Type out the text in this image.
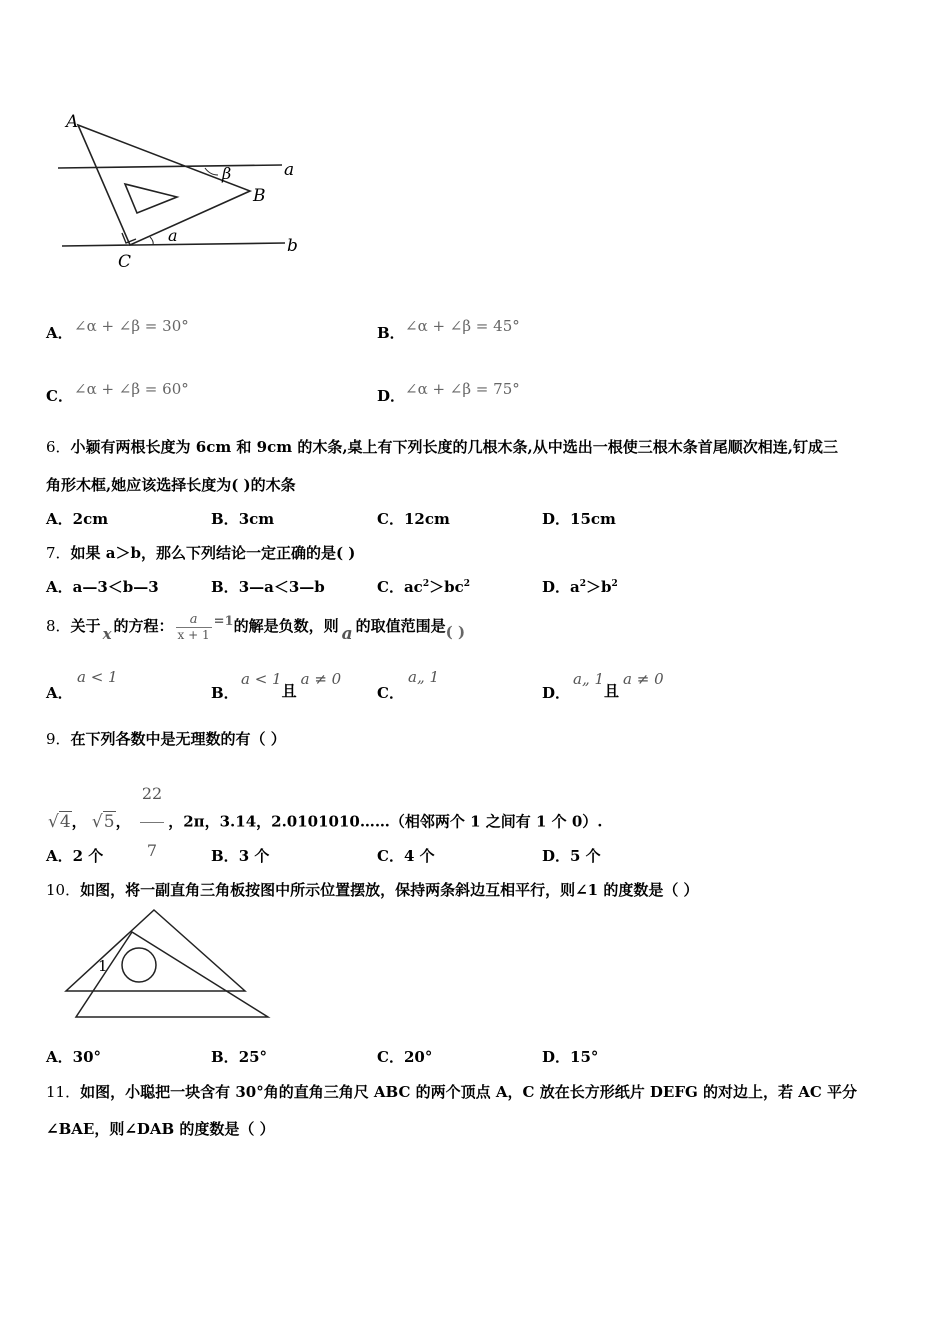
A
B
C
a
b
β
a
A． ∠α + ∠β = 30°	B． ∠α + ∠β = 45°
C． ∠α + ∠β = 60°	D． ∠α + ∠β = 75°
6．小颖有两根长度为 6cm 和 9cm 的木条,桌上有下列长度的几根木条,从中选出一根使三根木条首尾顺次相连,钉成三
角形木框,她应该选择长度为( )的木条
A．2cm	B．3cm	C．12cm	D．15cm
7．如果 a＞b，那么下列结论一定正确的是( )
A．a—3＜b—3	B．3—a＜3—b	C．$ac^2>bc^2$	D．$a^2>b^2$
8．关于 x 的方程： $\frac{a}{x + 1} =1$的解是负数，则 a 的取值范围是( )
A．
a < 1
B．
a < 1且a ≠ 0
C．
a„ 1
D．
a„ 1且a ≠ 0
9．在下列各数中是无理数的有（ ）
√4， √5， $\frac{22}{7}$ ，2π，3.14，2.0101010……（相邻两个 1 之间有 1 个 0）.
A．2 个	B．3 个	C．4 个	D．5 个
10．如图，将一副直角三角板按图中所示位置摆放，保持两条斜边互相平行，则∠1 的度数是（ ）
1
A．30°	B．25°	C．20°	D．15°
11．如图，小聪把一块含有 30°角的直角三角尺 ABC 的两个顶点 A，C 放在长方形纸片 DEFG 的对边上，若 AC 平分
∠BAE，则∠DAB 的度数是（ ）
